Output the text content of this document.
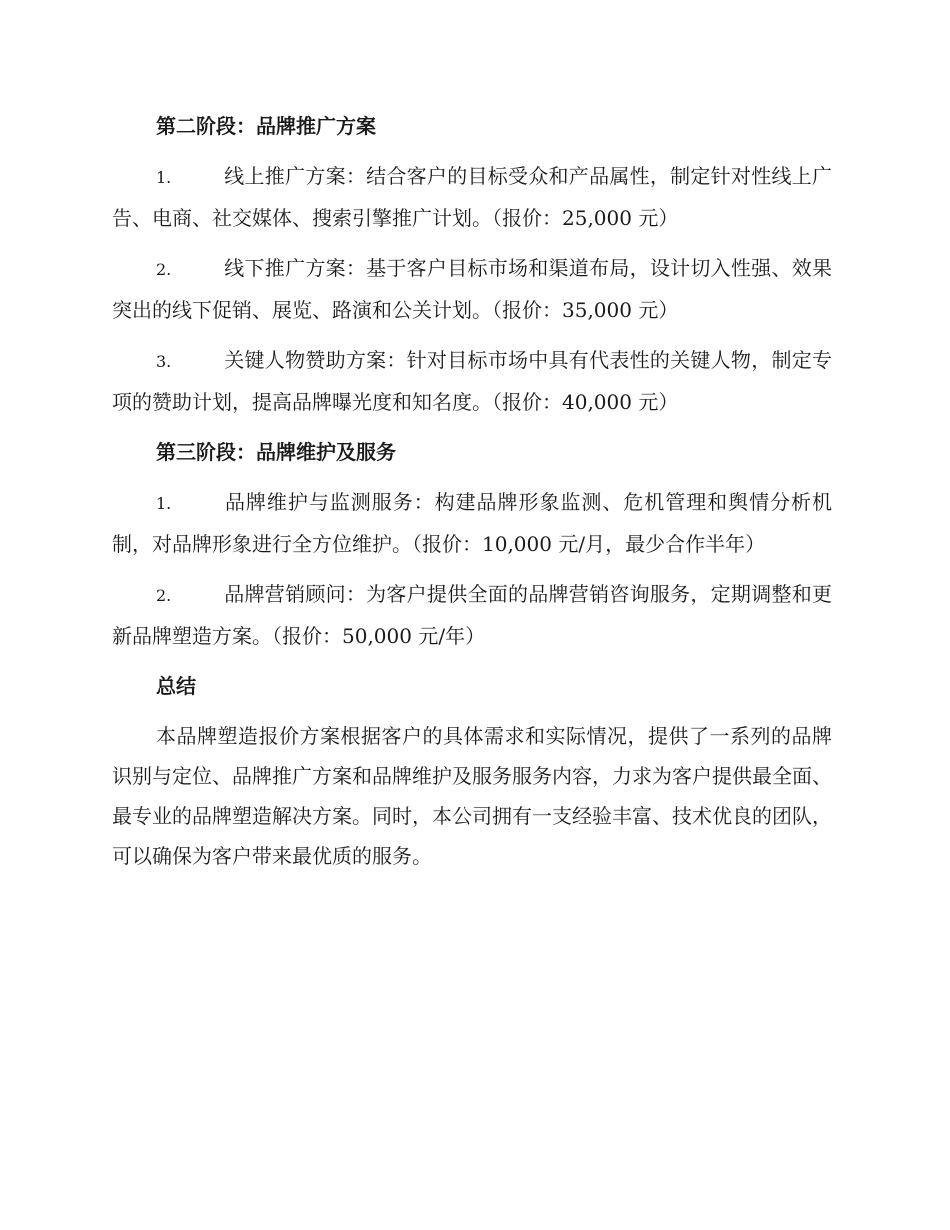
第二阶段：品牌推广方案

1.	线上推广方案：结合客户的目标受众和产品属性，制定针对性线上广告、电商、社交媒体、搜索引擎推广计划。（报价：25,000 元）

2.	线下推广方案：基于客户目标市场和渠道布局，设计切入性强、效果突出的线下促销、展览、路演和公关计划。（报价：35,000 元）

3.	关键人物赞助方案：针对目标市场中具有代表性的关键人物，制定专项的赞助计划，提高品牌曝光度和知名度。（报价：40,000 元）

第三阶段：品牌维护及服务

1.	品牌维护与监测服务：构建品牌形象监测、危机管理和舆情分析机制，对品牌形象进行全方位维护。（报价：10,000 元/月，最少合作半年）

2.	品牌营销顾问：为客户提供全面的品牌营销咨询服务，定期调整和更新品牌塑造方案。（报价：50,000 元/年）

总结

本品牌塑造报价方案根据客户的具体需求和实际情况，提供了一系列的品牌识别与定位、品牌推广方案和品牌维护及服务服务内容，力求为客户提供最全面、最专业的品牌塑造解决方案。同时，本公司拥有一支经验丰富、技术优良的团队，可以确保为客户带来最优质的服务。
